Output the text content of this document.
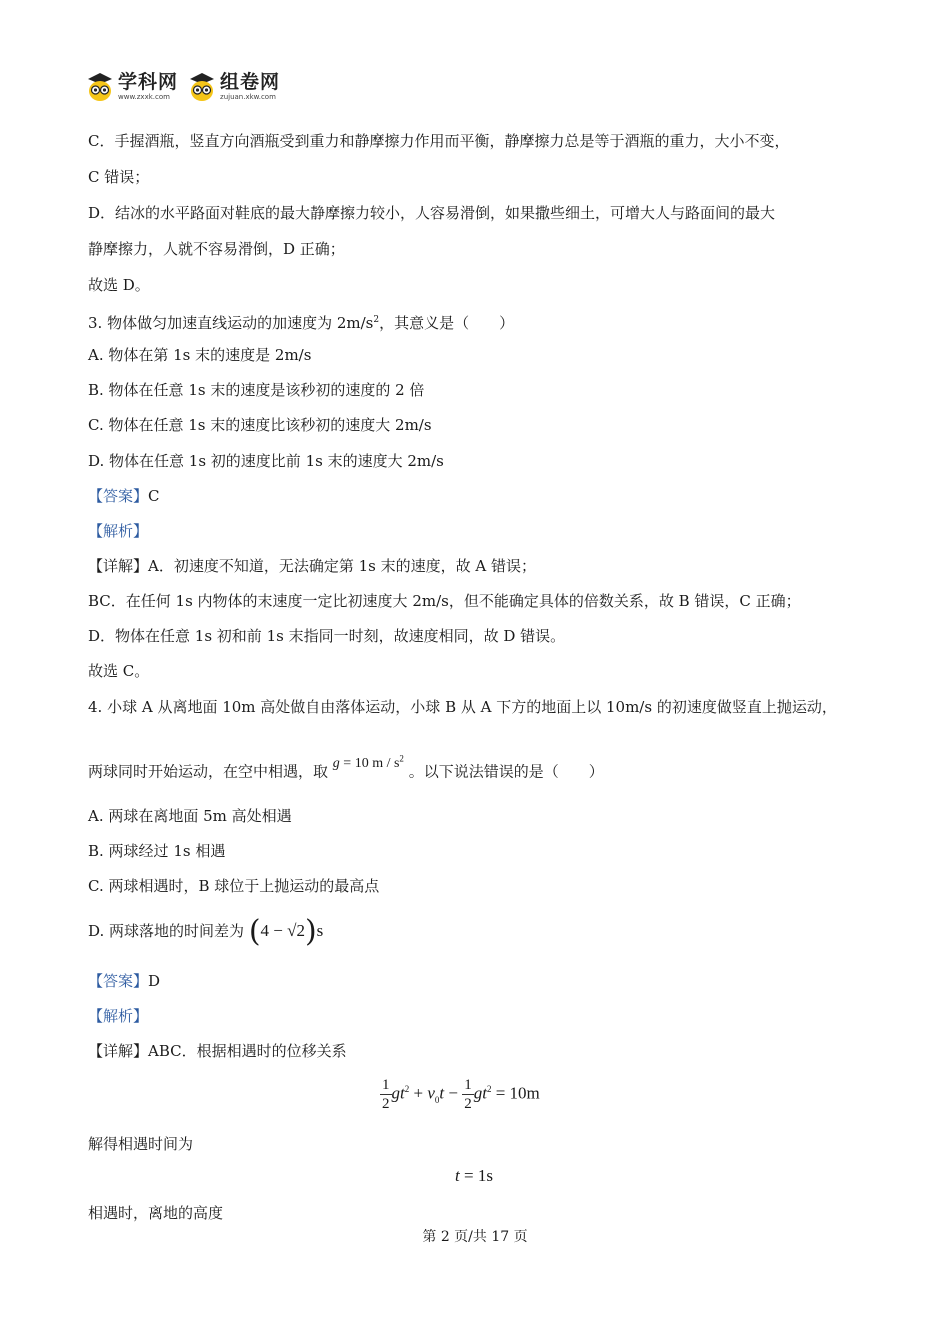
学科网
www.zxxk.com
组卷网
zujuan.xkw.com
C．手握酒瓶，竖直方向酒瓶受到重力和静摩擦力作用而平衡，静摩擦力总是等于酒瓶的重力，大小不变，
C 错误；
D．结冰的水平路面对鞋底的最大静摩擦力较小，人容易滑倒，如果撒些细土，可增大人与路面间的最大
静摩擦力，人就不容易滑倒，D 正确；
故选 D。
3. 物体做匀加速直线运动的加速度为 $2m/s^2$，其意义是（　　）
A. 物体在第 1s 末的速度是 2m/s
B. 物体在任意 1s 末的速度是该秒初的速度的 2 倍
C. 物体在任意 1s 末的速度比该秒初的速度大 2m/s
D. 物体在任意 1s 初的速度比前 1s 末的速度大 2m/s
【答案】C
【解析】
【详解】A．初速度不知道，无法确定第 1s 末的速度，故 A 错误；
BC．在任何 1s 内物体的末速度一定比初速度大 2m/s，但不能确定具体的倍数关系，故 B 错误，C 正确；
D．物体在任意 1s 初和前 1s 末指同一时刻，故速度相同，故 D 错误。
故选 C。
4. 小球 A 从离地面 10m 高处做自由落体运动，小球 B 从 A 下方的地面上以 10m/s 的初速度做竖直上抛运动，
两球同时开始运动，在空中相遇，取 g = 10 m / $s^2$ 。以下说法错误的是（　　）
A. 两球在离地面 5m 高处相遇
B. 两球经过 1s 相遇
C. 两球相遇时，B 球位于上抛运动的最高点
D. 两球落地的时间差为 (4 − √2)s
【答案】D
【解析】
【详解】ABC．根据相遇时的位移关系
$\frac{1}{2} gt^2 + v_0t - \frac{1}{2} gt^2 = 10m$
解得相遇时间为
t = 1s
相遇时，离地的高度
第 2 页/共 17 页
